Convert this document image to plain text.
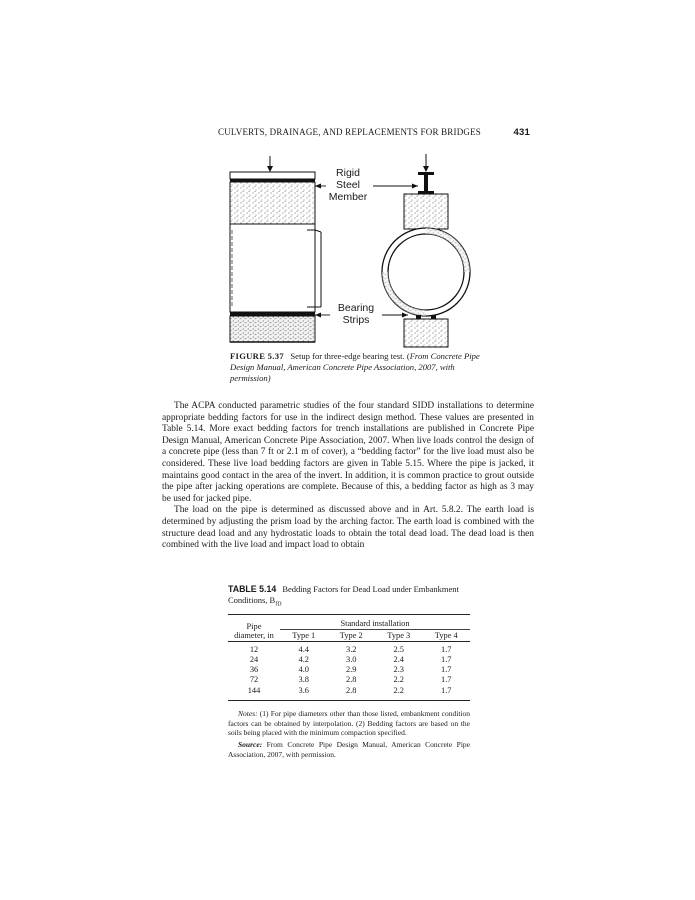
CULVERTS, DRAINAGE, AND REPLACEMENTS FOR BRIDGES	431
Rigid
Steel
Member
Bearing
Strips
FIGURE 5.37 Setup for three-edge bearing test. (From Concrete Pipe Design Manual, American Concrete Pipe Association, 2007, with permission)

The ACPA conducted parametric studies of the four standard SIDD installations to determine appropriate bedding factors for use in the indirect design method. These values are presented in Table 5.14. More exact bedding factors for trench installations are published in Concrete Pipe Design Manual, American Concrete Pipe Association, 2007. When live loads control the design of a concrete pipe (less than 7 ft or 2.1 m of cover), a “bedding factor” for the live load must also be considered. These live load bedding factors are given in Table 5.15. Where the pipe is jacked, it maintains good contact in the area of the invert. In addition, it is common practice to grout outside the pipe after jacking operations are complete. Because of this, a bedding factor as high as 3 may be used for jacked pipe.

The load on the pipe is determined as discussed above and in Art. 5.8.2. The earth load is determined by adjusting the prism load by the arching factor. The earth load is combined with the structure dead load and any hydrostatic loads to obtain the total dead load. The dead load is then combined with the live load and impact load to obtain

TABLE 5.14 Bedding Factors for Dead Load under Embankment Conditions, $B_{fD}$
Pipe
diameter, in	Standard installation			
	Type 1	Type 2	Type 3	Type 4
12	4.4	3.2	2.5	1.7
24	4.2	3.0	2.4	1.7
36	4.0	2.9	2.3	1.7
72	3.8	2.8	2.2	1.7
144	3.6	2.8	2.2	1.7

Notes: (1) For pipe diameters other than those listed, embankment condition factors can be obtained by interpolation. (2) Bedding factors are based on the soils being placed with the minimum compaction specified.

Source: From Concrete Pipe Design Manual, American Concrete Pipe Association, 2007, with permission.
